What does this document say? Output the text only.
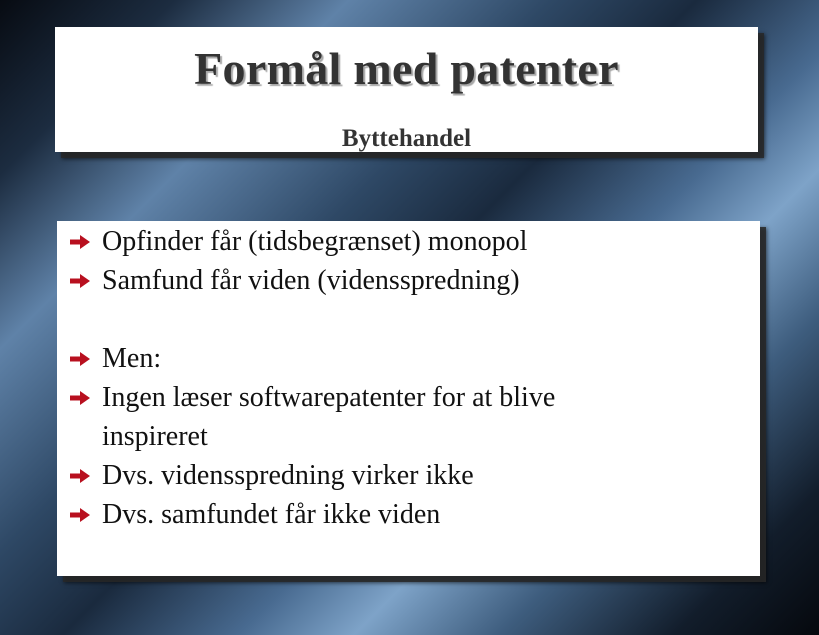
Formål med patenter
Byttehandel
Opfinder får (tidsbegrænset) monopol
Samfund får viden (vidensspredning)
Men:
Ingen læser softwarepatenter for at blive inspireret
Dvs. vidensspredning virker ikke
Dvs. samfundet får ikke viden
